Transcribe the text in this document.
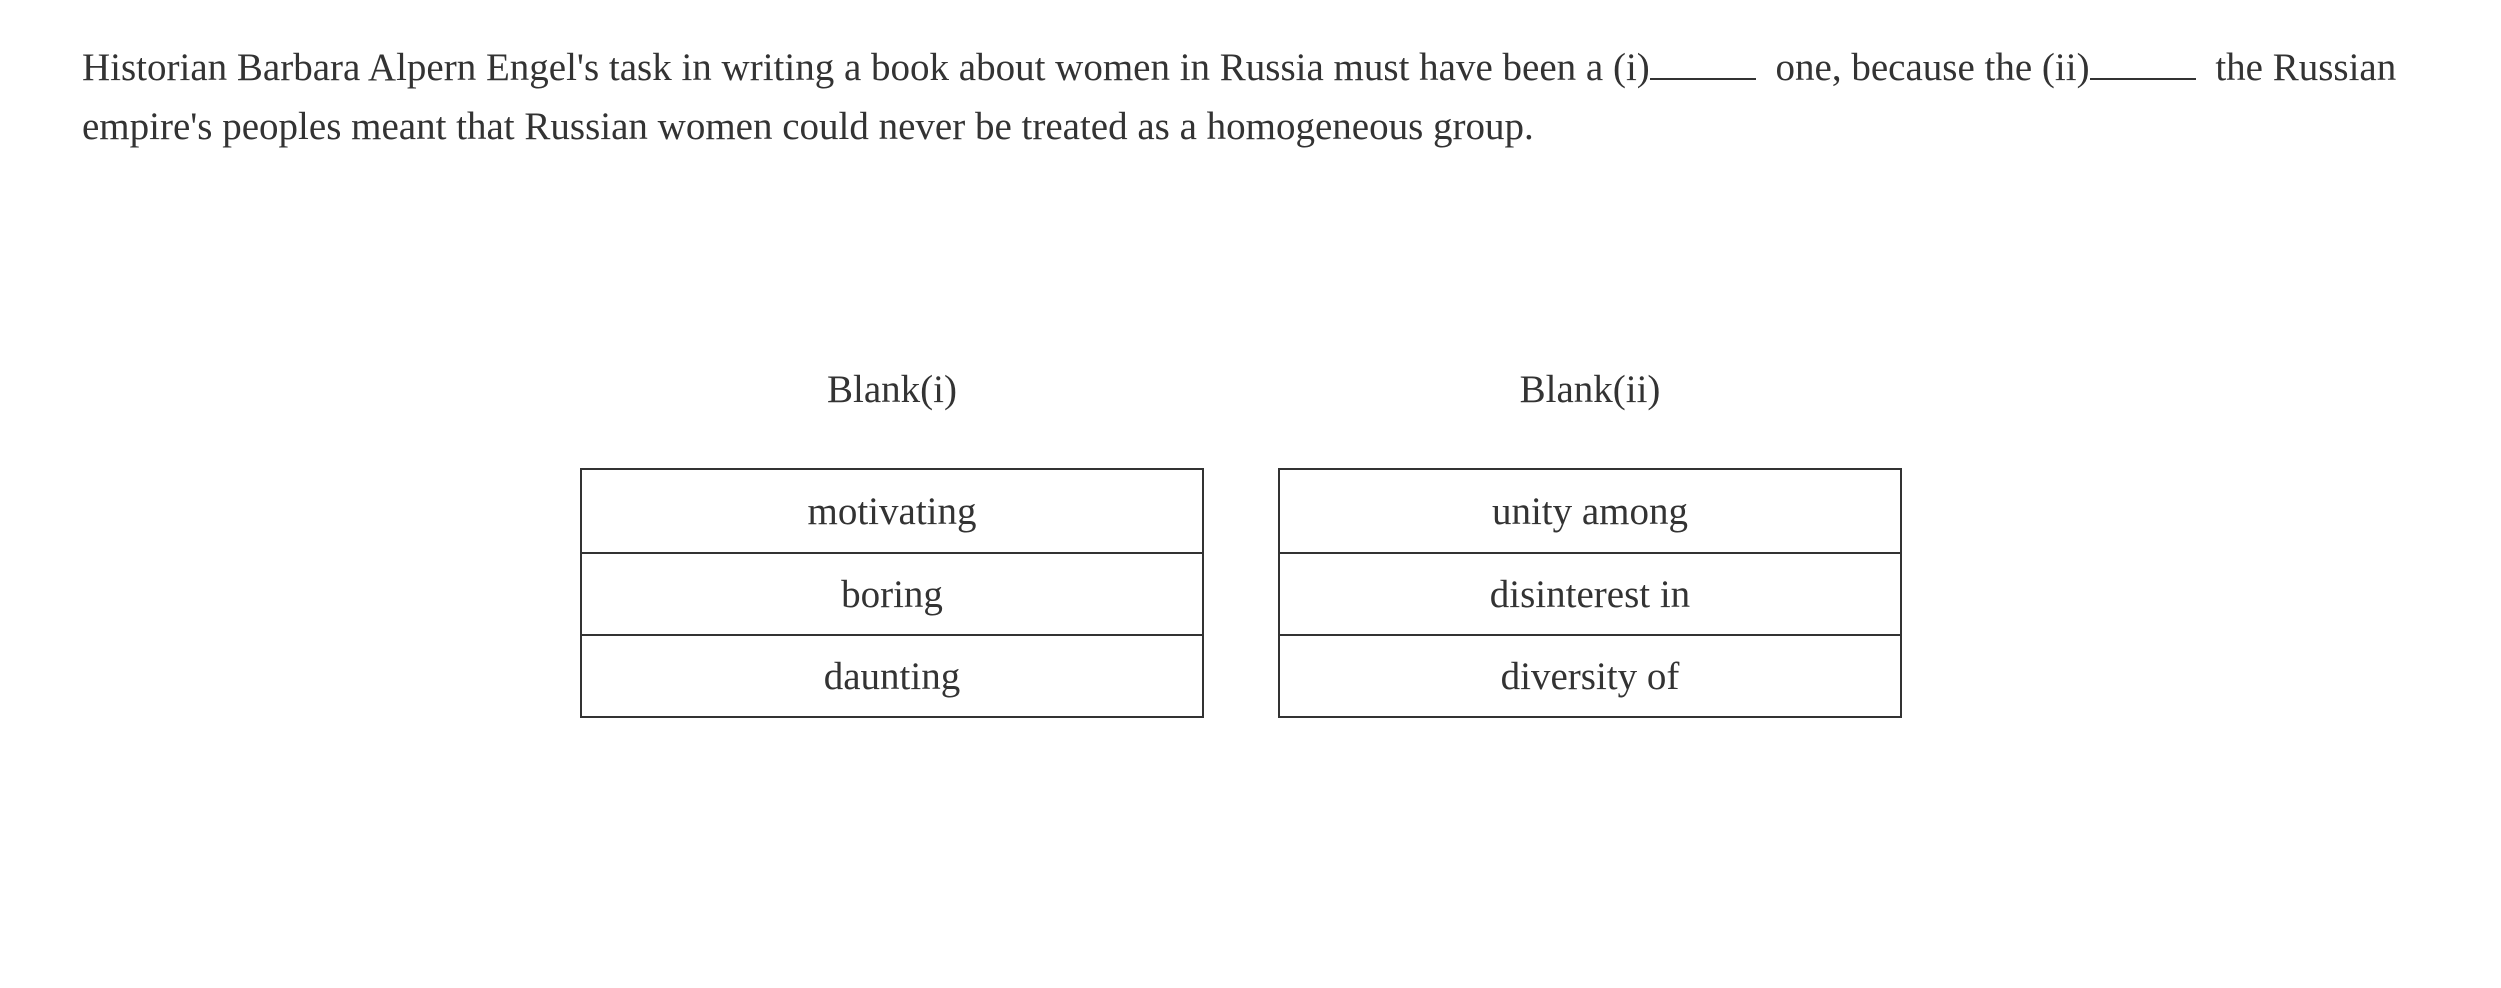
Historian Barbara Alpern Engel's task in writing a book about women in Russia must have been a (i)	one, because the (ii)	the Russian empire's peoples meant that Russian women could never be treated as a homogeneous group.

Blank(i)
motivating
boring
daunting
Blank(ii)
unity among
disinterest in
diversity of
